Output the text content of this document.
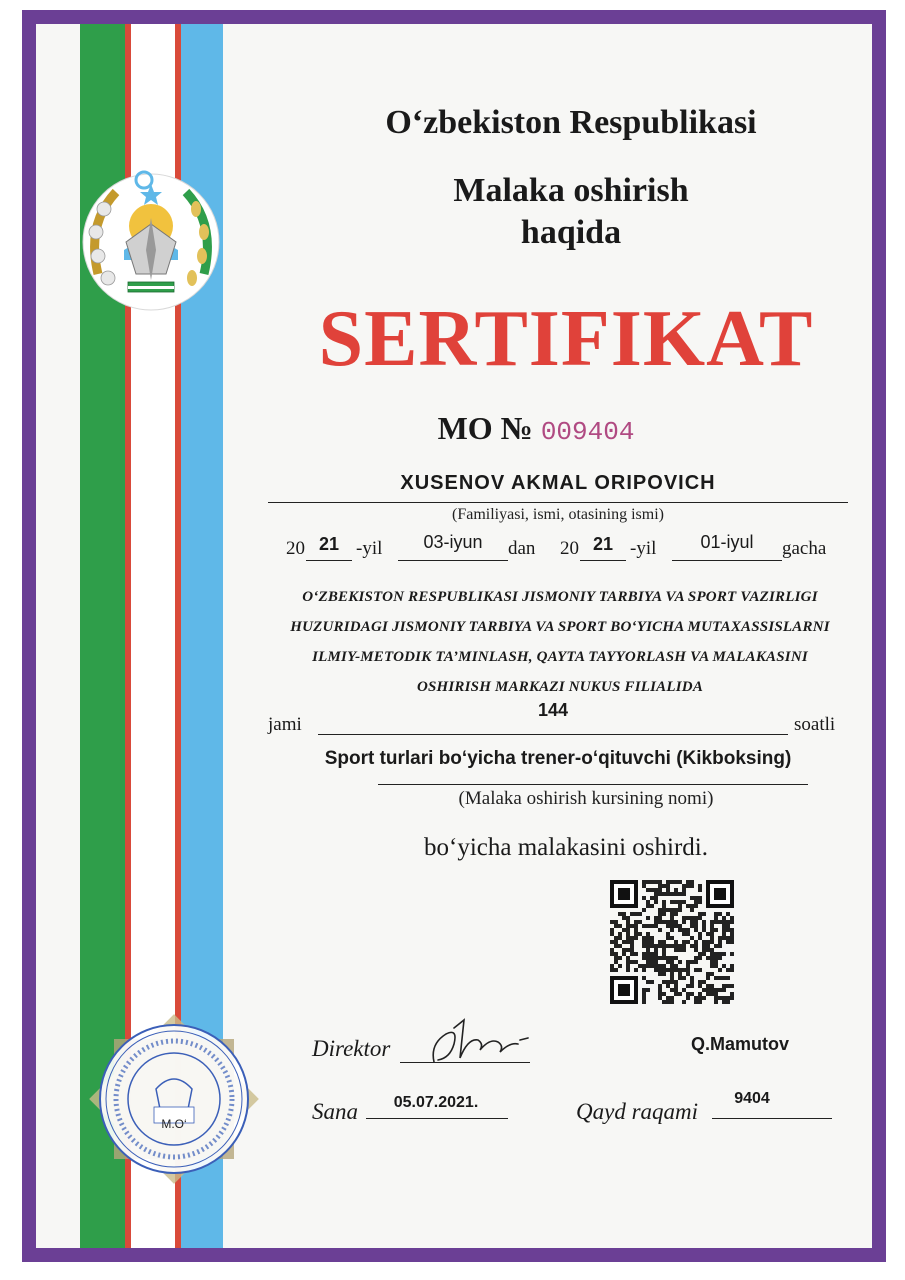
O‘zbekiston Respublikasi
Malaka oshirish
haqida
SERTIFIKAT
MO № 009404
XUSENOV AKMAL ORIPOVICH
(Familiyasi, ismi, otasining ismi)
20 21 -yil	03-iyun	dan 20 21 -yil	01-iyul	gacha
O‘ZBEKISTON RESPUBLIKASI JISMONIY TARBIYA VA SPORT VAZIRLIGI
HUZURIDAGI JISMONIY TARBIYA VA SPORT BO‘YICHA MUTAXASSISLARNI
ILMIY-METODIK TA’MINLASH, QAYTA TAYYORLASH VA MALAKASINI
OSHIRISH MARKAZI NUKUS FILIALIDA
jami
144
soatli
Sport turlari bo‘yicha trener-o‘qituvchi (Kikboksing)
(Malaka oshirish kursining nomi)
bo‘yicha malakasini oshirdi.
M.O‘
Direktor	Q.Mamutov
Sana	05.07.2021.	Qayd raqami
9404
